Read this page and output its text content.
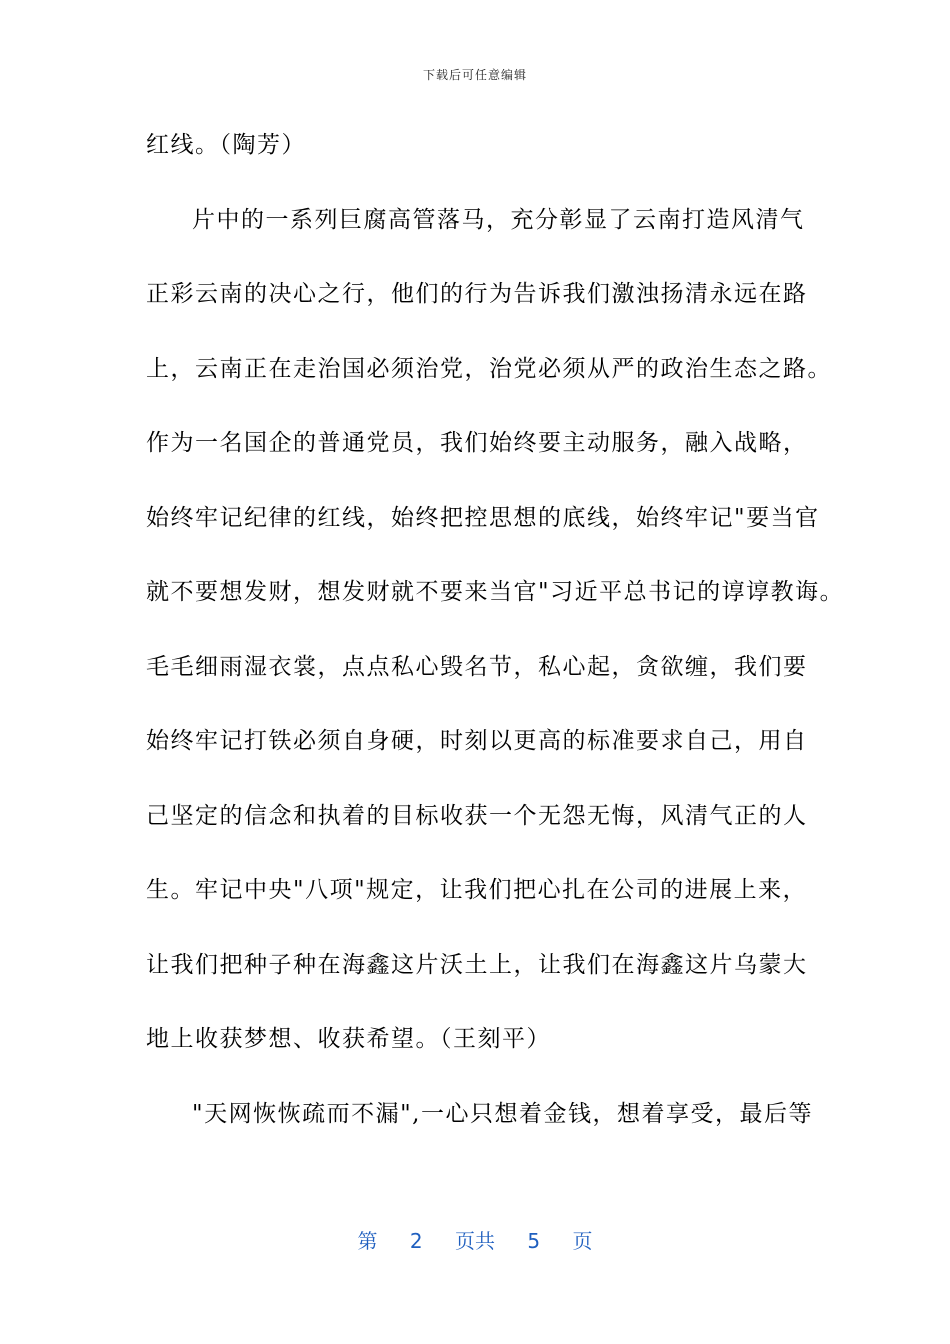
下载后可任意编辑
红线。（陶芳）
片中的一系列巨腐高管落马，充分彰显了云南打造风清气
正彩云南的决心之行，他们的行为告诉我们激浊扬清永远在路
上，云南正在走治国必须治党，治党必须从严的政治生态之路。
作为一名国企的普通党员，我们始终要主动服务，融入战略，
始终牢记纪律的红线，始终把控思想的底线，始终牢记"要当官
就不要想发财，想发财就不要来当官"习近平总书记的谆谆教诲。
毛毛细雨湿衣裳，点点私心毁名节，私心起，贪欲缠，我们要
始终牢记打铁必须自身硬，时刻以更高的标准要求自己，用自
己坚定的信念和执着的目标收获一个无怨无悔，风清气正的人
生。牢记中央"八项"规定，让我们把心扎在公司的进展上来，
让我们把种子种在海鑫这片沃土上，让我们在海鑫这片乌蒙大
地上收获梦想、收获希望。（王刻平）
"天网恢恢疏而不漏",一心只想着金钱，想着享受，最后等
第 2 页共 5 页
